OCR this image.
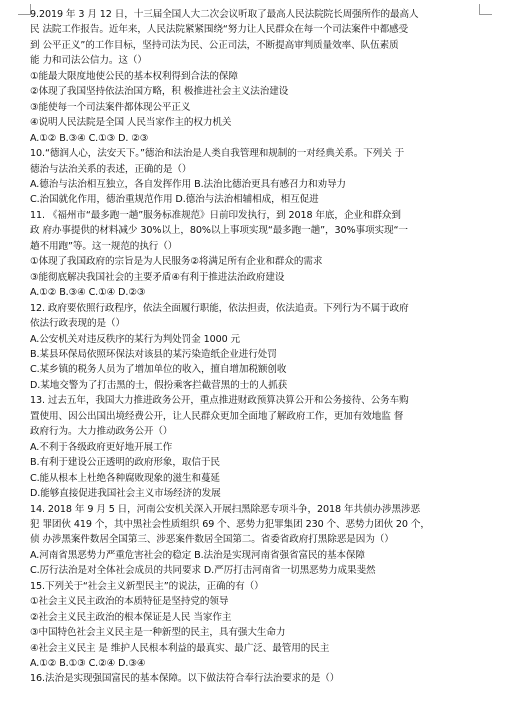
9.2019 年 3 月 12 日，十三届全国人大二次会议听取了最高人民法院院长周强所作的最高人

民 法院工作报告。近年来，人民法院紧紧围绕“努力让人民群众在每一个司法案件中都感受

到 公平正义”的工作目标，坚持司法为民、公正司法，不断提高审判质量效率、队伍素质

能 力和司法公信力。这（）

①能最大限度地使公民的基本权利得到合法的保障

②体现了我国坚持依法治国方略，积 极推进社会主义法治建设

③能使每一个司法案件都体现公平正义

④说明人民法院是全国 人民当家作主的权力机关

A.①② B.③④ C.①③ D. ②③

10.“德润人心，法安天下。”德治和法治是人类自我管理和规制的一对经典关系。下列关 于

德治与法治关系的表述，正确的是（）

A.德治与法治相互独立，各自发挥作用 B.法治比德治更具有感召力和劝导力

C.治国就化作用，德治重规范作用 D.德治与法治相辅相成，相互促进

11. 《福州市“最多跑一趟”服务标准规范》日前印发执行，到 2018 年底，企业和群众到

政 府办事提供的材料减少 30%以上，80%以上事项实现“最多跑一趟”，30%事项实现“一

趟不用跑”等。这一规范的执行（）

①体现了我国政府的宗旨是为人民服务②将满足所有企业和群众的需求

③能彻底解决我国社会的主要矛盾④有利于推进法治政府建设

A.①② B.③④ C.①④ D.②③

12. 政府要依照行政程序，依法全面履行职能，依法担责，依法追责。下列行为不属于政府

依法行政表现的是（）

A.公安机关对违反秩序的某行为判处罚金 1000 元

B.某县环保局依照环保法对该县的某污染造纸企业进行处罚

C.某乡镇的税务人员为了增加单位的收入，擅自增加税额创收

D.某地交警为了打击黑的士，假扮乘客拦截营黑的士的人抓获

13. 过去五年，我国大力推进政务公开，重点推进财政预算决算公开和公务接待、公务车购

置使用、因公出国出境经费公开，让人民群众更加全面地了解政府工作，更加有效地监 督

政府行为。大力推动政务公开（）

A.不利于各级政府更好地开展工作

B.有利于建设公正透明的政府形象，取信于民

C.能从根本上杜绝各种腐败现象的滋生和蔓延

D.能够直接促进我国社会主义市场经济的发展

14. 2018 年 9 月 5 日，河南公安机关深入开展扫黑除恶专项斗争，2018 年共侦办涉黑涉恶

犯 罪团伙 419 个，其中黑社会性质组织 69 个、恶势力犯罪集团 230 个、恶势力团伙 20 个，

侦 办涉黑案件数居全国第三、涉恶案件数居全国第二。省委省政府打黑除恶是因为（）

A.河南省黑恶势力严重危害社会的稳定 B.法治是实现河南省强省富民的基本保障

C.厉行法治是对全体社会成员的共同要求 D.严厉打击河南省一切黑恶势力成果斐然

15.下列关于“社会主义新型民主”的说法，正确的有（）

①社会主义民主政治的本质特征是坚持党的领导

②社会主义民主政治的根本保证是人民 当家作主

③中国特色社会主义民主是一种新型的民主，具有强大生命力

④社会主义民主 是 维护人民根本利益的最真实、最广泛、最管用的民主

A.①② B.①③ C.②④ D.③④

16.法治是实现强国富民的基本保障。以下做法符合奉行法治要求的是（）
